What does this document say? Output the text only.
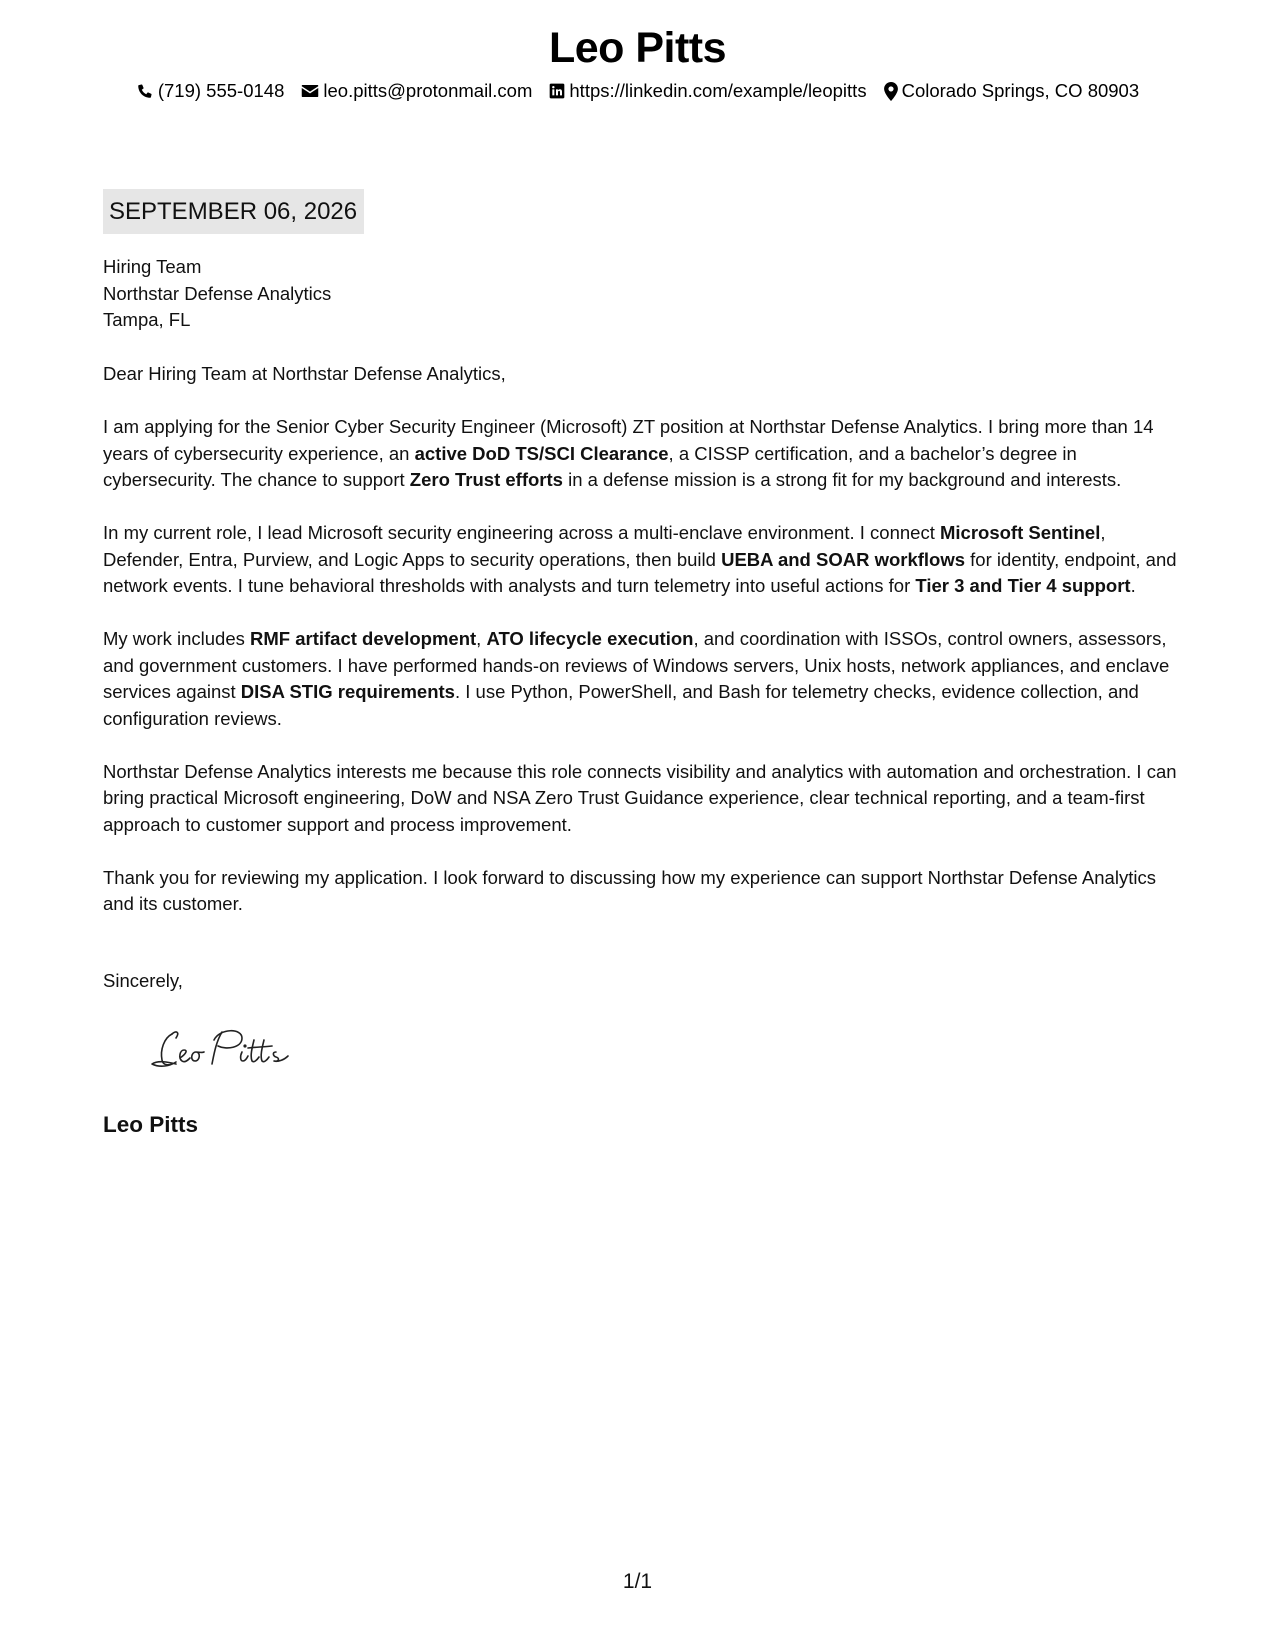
Leo Pitts
(719) 555-0148 leo.pitts@protonmail.com https://linkedin.com/example/leopitts Colorado Springs, CO 80903
SEPTEMBER 06, 2026
Hiring Team
Northstar Defense Analytics
Tampa, FL

Dear Hiring Team at Northstar Defense Analytics,

I am applying for the Senior Cyber Security Engineer (Microsoft) ZT position at Northstar Defense Analytics. I bring more than 14 years of cybersecurity experience, an active DoD TS/SCI Clearance, a CISSP certification, and a bachelor’s degree in cybersecurity. The chance to support Zero Trust efforts in a defense mission is a strong fit for my background and interests.

In my current role, I lead Microsoft security engineering across a multi-enclave environment. I connect Microsoft Sentinel, Defender, Entra, Purview, and Logic Apps to security operations, then build UEBA and SOAR workflows for identity, endpoint, and network events. I tune behavioral thresholds with analysts and turn telemetry into useful actions for Tier 3 and Tier 4 support.

My work includes RMF artifact development, ATO lifecycle execution, and coordination with ISSOs, control owners, assessors, and government customers. I have performed hands-on reviews of Windows servers, Unix hosts, network appliances, and enclave services against DISA STIG requirements. I use Python, PowerShell, and Bash for telemetry checks, evidence collection, and configuration reviews.

Northstar Defense Analytics interests me because this role connects visibility and analytics with automation and orchestration. I can bring practical Microsoft engineering, DoW and NSA Zero Trust Guidance experience, clear technical reporting, and a team-first approach to customer support and process improvement.

Thank you for reviewing my application. I look forward to discussing how my experience can support Northstar Defense Analytics and its customer.

Sincerely,
Leo Pitts
1/1
